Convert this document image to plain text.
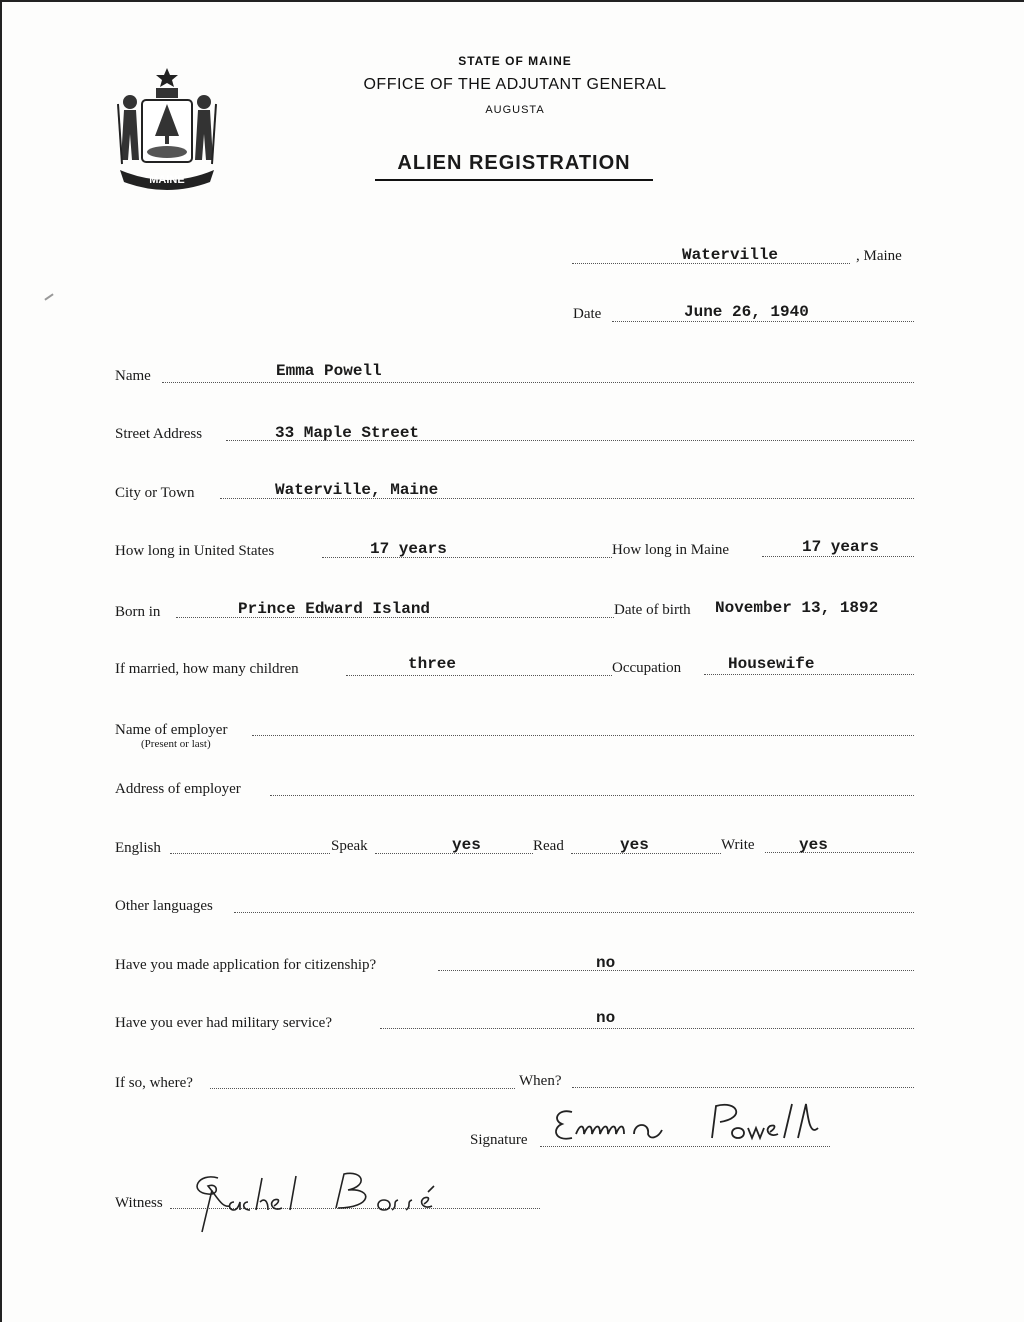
MAINE
STATE OF MAINE
OFFICE OF THE ADJUTANT GENERAL
AUGUSTA
ALIEN REGISTRATION
Waterville	, Maine
Date	June 26, 1940
Name	Emma Powell
Street Address	33 Maple Street
City or Town	Waterville, Maine
How long in United States	17 years	How long in Maine	17 years
Born in	Prince Edward Island	Date of birth November 13, 1892
If married, how many children	three	Occupation	Housewife
Name of employer
(Present or last)
Address of employer
English	Speak	yes	Read	yes	Write	yes
Other languages
Have you made application for citizenship?	no
Have you ever had military service?	no
If so, where?	When?
Signature
Witness
